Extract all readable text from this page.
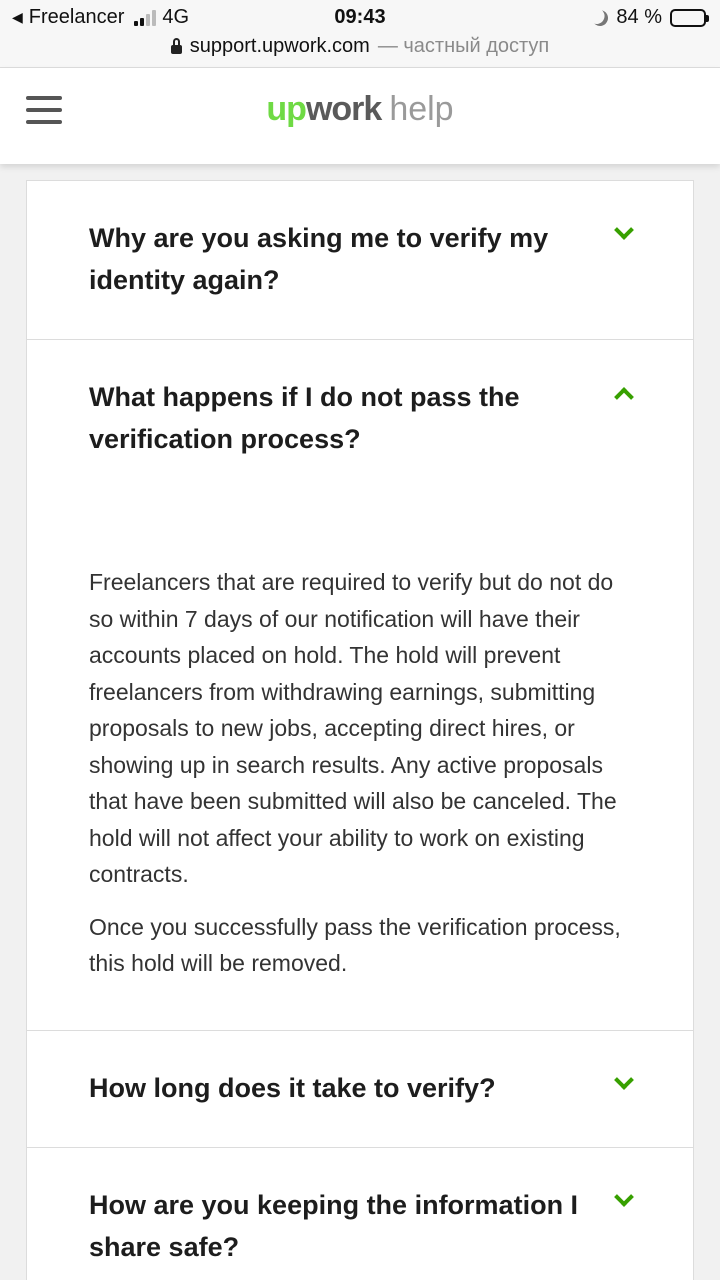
◀ Freelancer 4G	09:43	84 %
support.upwork.com — частный доступ
upwork help
Why are you asking me to verify my identity again?
What happens if I do not pass the verification process?

Freelancers that are required to verify but do not do so within 7 days of our notification will have their accounts placed on hold. The hold will prevent freelancers from withdrawing earnings, submitting proposals to new jobs, accepting direct hires, or showing up in search results. Any active proposals that have been submitted will also be canceled. The hold will not affect your ability to work on existing contracts.

Once you successfully pass the verification process, this hold will be removed.

How long does it take to verify?
How are you keeping the information I share safe?
